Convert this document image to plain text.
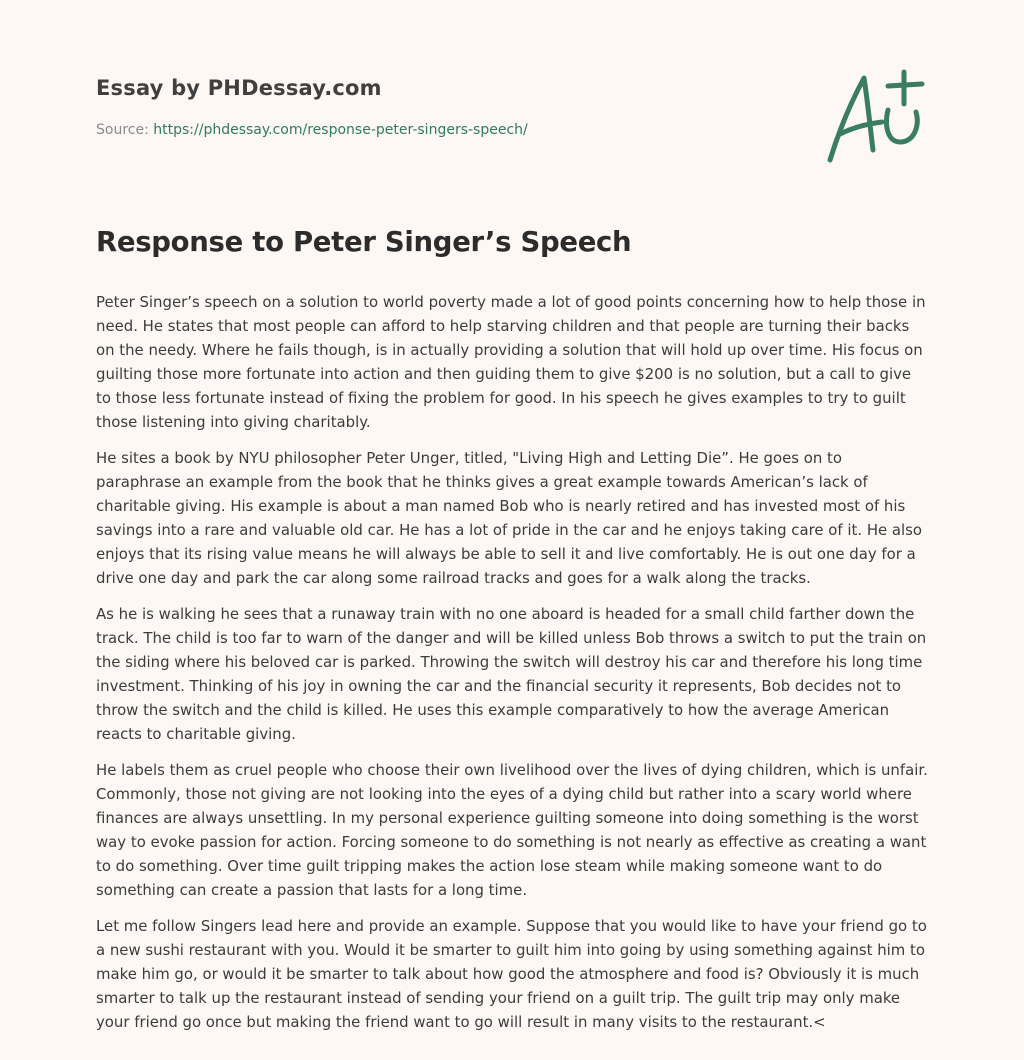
Essay by PHDessay.com
Source: https://phdessay.com/response-peter-singers-speech/
Response to Peter Singer’s Speech

Peter Singer’s speech on a solution to world poverty made a lot of good points concerning how to help those in need. He states that most people can afford to help starving children and that people are turning their backs on the needy. Where he fails though, is in actually providing a solution that will hold up over time. His focus on guilting those more fortunate into action and then guiding them to give $200 is no solution, but a call to give to those less fortunate instead of fixing the problem for good. In his speech he gives examples to try to guilt those listening into giving charitably.

He sites a book by NYU philosopher Peter Unger, titled, "Living High and Letting Die”. He goes on to paraphrase an example from the book that he thinks gives a great example towards American’s lack of charitable giving. His example is about a man named Bob who is nearly retired and has invested most of his savings into a rare and valuable old car. He has a lot of pride in the car and he enjoys taking care of it. He also enjoys that its rising value means he will always be able to sell it and live comfortably. He is out one day for a drive one day and park the car along some railroad tracks and goes for a walk along the tracks.

As he is walking he sees that a runaway train with no one aboard is headed for a small child farther down the track. The child is too far to warn of the danger and will be killed unless Bob throws a switch to put the train on the siding where his beloved car is parked. Throwing the switch will destroy his car and therefore his long time investment. Thinking of his joy in owning the car and the financial security it represents, Bob decides not to throw the switch and the child is killed. He uses this example comparatively to how the average American reacts to charitable giving.

He labels them as cruel people who choose their own livelihood over the lives of dying children, which is unfair. Commonly, those not giving are not looking into the eyes of a dying child but rather into a scary world where finances are always unsettling. In my personal experience guilting someone into doing something is the worst way to evoke passion for action. Forcing someone to do something is not nearly as effective as creating a want to do something. Over time guilt tripping makes the action lose steam while making someone want to do something can create a passion that lasts for a long time.

Let me follow Singers lead here and provide an example. Suppose that you would like to have your friend go to a new sushi restaurant with you. Would it be smarter to guilt him into going by using something against him to make him go, or would it be smarter to talk about how good the atmosphere and food is? Obviously it is much smarter to talk up the restaurant instead of sending your friend on a guilt trip. The guilt trip may only make your friend go once but making the friend want to go will result in many visits to the restaurant.<
